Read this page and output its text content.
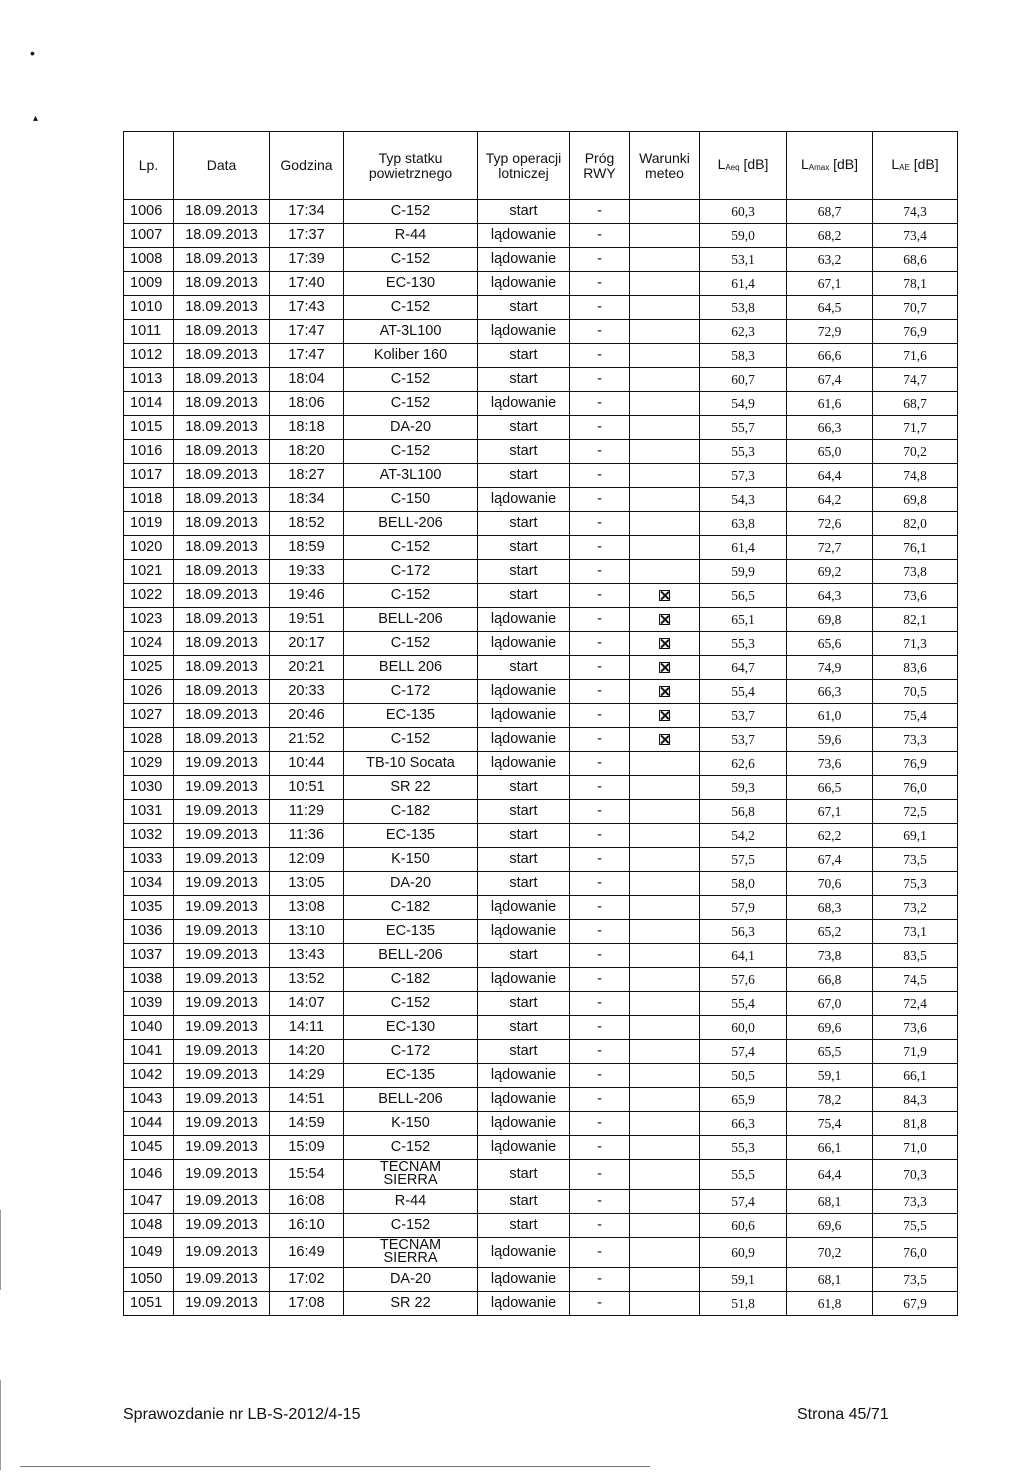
•
▴
Lp.	Data	Godzina	Typ statku powietrznego	Typ operacji lotniczej	Próg RWY	Warunki meteo	$L_{Aeq}$ [dB]	$L_{Amax}$ [dB]	$L_{AE}$ [dB]
1006	18.09.2013	17:34	C-152	start	-		60,3	68,7	74,3
1007	18.09.2013	17:37	R-44	lądowanie	-		59,0	68,2	73,4
1008	18.09.2013	17:39	C-152	lądowanie	-		53,1	63,2	68,6
1009	18.09.2013	17:40	EC-130	lądowanie	-		61,4	67,1	78,1
1010	18.09.2013	17:43	C-152	start	-		53,8	64,5	70,7
1011	18.09.2013	17:47	AT-3L100	lądowanie	-		62,3	72,9	76,9
1012	18.09.2013	17:47	Koliber 160	start	-		58,3	66,6	71,6
1013	18.09.2013	18:04	C-152	start	-		60,7	67,4	74,7
1014	18.09.2013	18:06	C-152	lądowanie	-		54,9	61,6	68,7
1015	18.09.2013	18:18	DA-20	start	-		55,7	66,3	71,7
1016	18.09.2013	18:20	C-152	start	-		55,3	65,0	70,2
1017	18.09.2013	18:27	AT-3L100	start	-		57,3	64,4	74,8
1018	18.09.2013	18:34	C-150	lądowanie	-		54,3	64,2	69,8
1019	18.09.2013	18:52	BELL-206	start	-		63,8	72,6	82,0
1020	18.09.2013	18:59	C-152	start	-		61,4	72,7	76,1
1021	18.09.2013	19:33	C-172	start	-		59,9	69,2	73,8
1022	18.09.2013	19:46	C-152	start	-		56,5	64,3	73,6
1023	18.09.2013	19:51	BELL-206	lądowanie	-		65,1	69,8	82,1
1024	18.09.2013	20:17	C-152	lądowanie	-		55,3	65,6	71,3
1025	18.09.2013	20:21	BELL 206	start	-		64,7	74,9	83,6
1026	18.09.2013	20:33	C-172	lądowanie	-		55,4	66,3	70,5
1027	18.09.2013	20:46	EC-135	lądowanie	-		53,7	61,0	75,4
1028	18.09.2013	21:52	C-152	lądowanie	-		53,7	59,6	73,3
1029	19.09.2013	10:44	TB-10 Socata	lądowanie	-		62,6	73,6	76,9
1030	19.09.2013	10:51	SR 22	start	-		59,3	66,5	76,0
1031	19.09.2013	11:29	C-182	start	-		56,8	67,1	72,5
1032	19.09.2013	11:36	EC-135	start	-		54,2	62,2	69,1
1033	19.09.2013	12:09	K-150	start	-		57,5	67,4	73,5
1034	19.09.2013	13:05	DA-20	start	-		58,0	70,6	75,3
1035	19.09.2013	13:08	C-182	lądowanie	-		57,9	68,3	73,2
1036	19.09.2013	13:10	EC-135	lądowanie	-		56,3	65,2	73,1
1037	19.09.2013	13:43	BELL-206	start	-		64,1	73,8	83,5
1038	19.09.2013	13:52	C-182	lądowanie	-		57,6	66,8	74,5
1039	19.09.2013	14:07	C-152	start	-		55,4	67,0	72,4
1040	19.09.2013	14:11	EC-130	start	-		60,0	69,6	73,6
1041	19.09.2013	14:20	C-172	start	-		57,4	65,5	71,9
1042	19.09.2013	14:29	EC-135	lądowanie	-		50,5	59,1	66,1
1043	19.09.2013	14:51	BELL-206	lądowanie	-		65,9	78,2	84,3
1044	19.09.2013	14:59	K-150	lądowanie	-		66,3	75,4	81,8
1045	19.09.2013	15:09	C-152	lądowanie	-		55,3	66,1	71,0
1046	19.09.2013	15:54	TECNAM SIERRA	start	-		55,5	64,4	70,3
1047	19.09.2013	16:08	R-44	start	-		57,4	68,1	73,3
1048	19.09.2013	16:10	C-152	start	-		60,6	69,6	75,5
1049	19.09.2013	16:49	TECNAM SIERRA	lądowanie	-		60,9	70,2	76,0
1050	19.09.2013	17:02	DA-20	lądowanie	-		59,1	68,1	73,5
1051	19.09.2013	17:08	SR 22	lądowanie	-		51,8	61,8	67,9
Sprawozdanie nr LB-S-2012/4-15	Strona 45/71
